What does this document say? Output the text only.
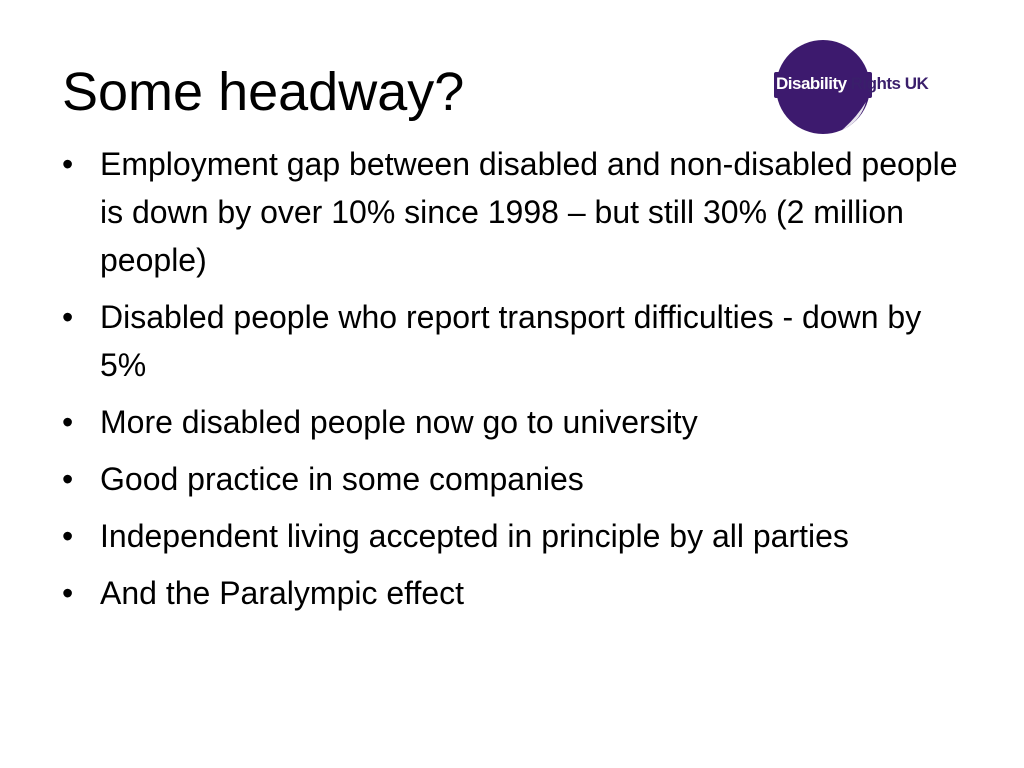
Some headway?	Disability Rights UK
• Employment gap between disabled and non-disabled people is down by over 10% since 1998 – but still 30% (2 million people)
• Disabled people who report transport difficulties - down by 5%
• More disabled people now go to university
• Good practice in some companies
• Independent living accepted in principle by all parties
• And the Paralympic effect
